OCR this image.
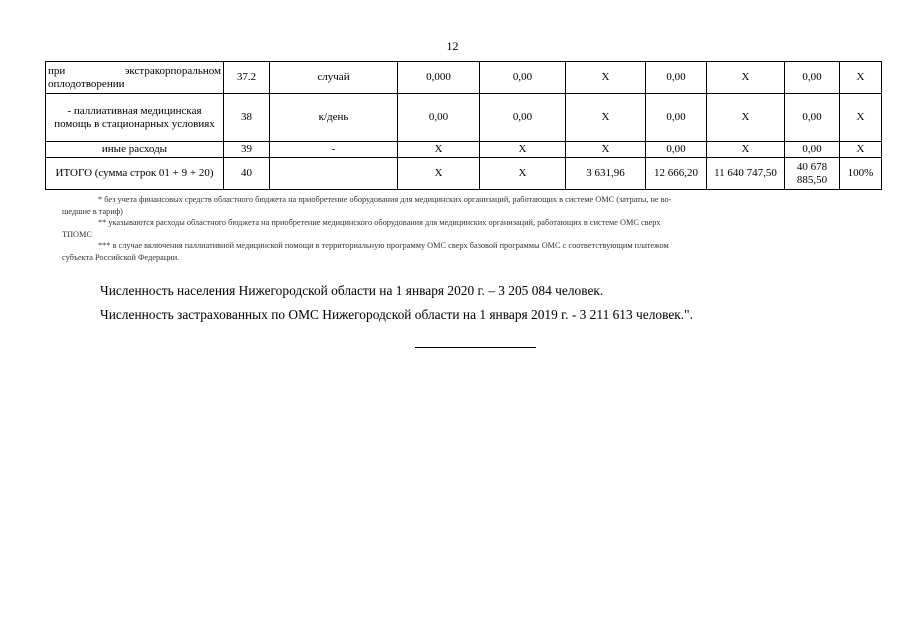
12
при экстракорпоральном
оплодотворении	37.2	случай	0,000	0,00	X	0,00	X	0,00	X
- паллиативная медицинская помощь в стационарных условиях	38	к/день	0,00	0,00	X	0,00	X	0,00	X
иные расходы	39	-	X	X	X	0,00	X	0,00	X
ИТОГО (сумма строк 01 + 9 + 20)	40		X	X	3 631,96	12 666,20	11 640 747,50	40 678 885,50	100%

* без учета финансовых средств областного бюджета на приобретение оборудования для медицинских организаций, работающих в системе ОМС (затраты, не во-

шедшие в тариф)

** указываются расходы областного бюджета на приобретение медицинского оборудования для медицинских организаций, работающих в системе ОМС сверх

ТПОМС

*** в случае включения паллиативной медицинской помощи в территориальную программу ОМС сверх базовой программы ОМС с соответствующим платежом

субъекта Российской Федерации.

Численность населения Нижегородской области на 1 января 2020 г. – 3 205 084 человек.
Численность застрахованных по ОМС Нижегородской области на 1 января 2019 г. - 3 211 613 человек.".
